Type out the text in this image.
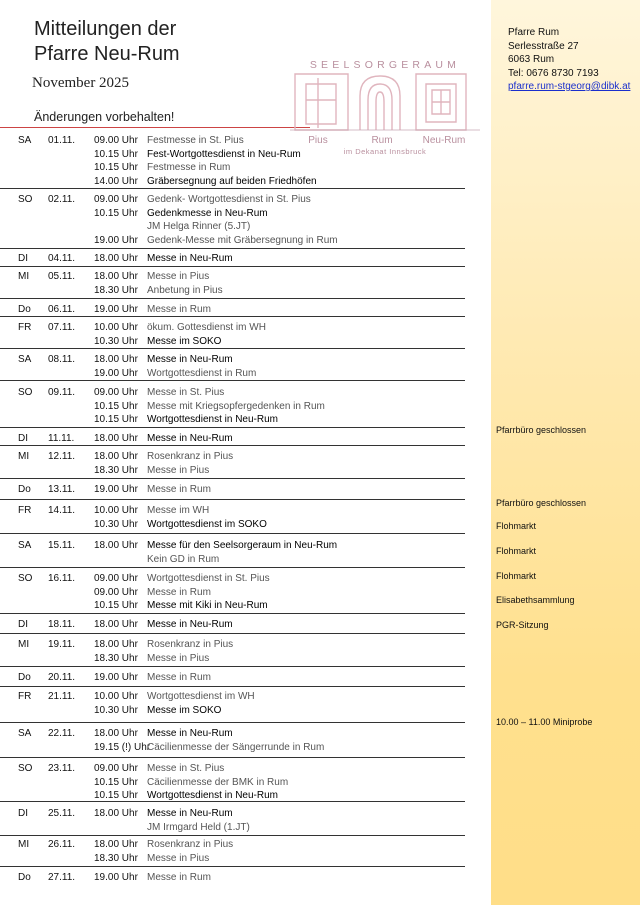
Mitteilungen der
Pfarre Neu-Rum
November 2025
Änderungen vorbehalten!
Pfarre Rum
Serlesstraße 27
6063 Rum
Tel: 0676 8730 7193
pfarre.rum-stgeorg@dibk.at
SEELSORGERAUM
Pius	Rum	Neu-Rum
im Dekanat Innsbruck
SA 01.11. 09.00 Uhr Festmesse in St. Pius
10.15 Uhr Fest-Wortgottesdienst in Neu-Rum
10.15 Uhr Festmesse in Rum
14.00 Uhr Gräbersegnung auf beiden Friedhöfen
SO 02.11. 09.00 Uhr Gedenk- Wortgottesdienst in St. Pius
10.15 Uhr Gedenkmesse in Neu-Rum
JM Helga Rinner (5.JT)
19.00 Uhr Gedenk-Messe mit Gräbersegnung in Rum
DI 04.11. 18.00 Uhr Messe in Neu-Rum
MI 05.11. 18.00 Uhr Messe in Pius
18.30 Uhr Anbetung in Pius
Do 06.11. 19.00 Uhr Messe in Rum
FR 07.11. 10.00 Uhr ökum. Gottesdienst im WH
10.30 Uhr Messe im SOKO
SA 08.11. 18.00 Uhr Messe in Neu-Rum
19.00 Uhr Wortgottesdienst in Rum
SO 09.11. 09.00 Uhr Messe in St. Pius
10.15 Uhr Messe mit Kriegsopfergedenken in Rum
10.15 Uhr Wortgottesdienst in Neu-Rum
DI 11.11. 18.00 Uhr Messe in Neu-Rum
MI 12.11. 18.00 Uhr Rosenkranz in Pius
18.30 Uhr Messe in Pius
Do 13.11. 19.00 Uhr Messe in Rum
FR 14.11. 10.00 Uhr Messe im WH
10.30 Uhr Wortgottesdienst im SOKO
SA 15.11. 18.00 Uhr Messe für den Seelsorgeraum in Neu-Rum
Kein GD in Rum
SO 16.11. 09.00 Uhr Wortgottesdienst in St. Pius
09.00 Uhr Messe in Rum
10.15 Uhr Messe mit Kiki in Neu-Rum
DI 18.11. 18.00 Uhr Messe in Neu-Rum
MI 19.11. 18.00 Uhr Rosenkranz in Pius
18.30 Uhr Messe in Pius
Do 20.11. 19.00 Uhr Messe in Rum
FR 21.11. 10.00 Uhr Wortgottesdienst im WH
10.30 Uhr Messe im SOKO
SA 22.11. 18.00 Uhr Messe in Neu-Rum
19.15 (!) Uhr
Cäcilienmesse der Sängerrunde in Rum
SO 23.11. 09.00 Uhr Messe in St. Pius
10.15 Uhr Cäcilienmesse der BMK in Rum
10.15 Uhr Wortgottesdienst in Neu-Rum
DI 25.11. 18.00 Uhr Messe in Neu-Rum
JM Irmgard Held (1.JT)
MI 26.11. 18.00 Uhr Rosenkranz in Pius
18.30 Uhr Messe in Pius
Do 27.11. 19.00 Uhr Messe in Rum
Pfarrbüro geschlossen
Pfarrbüro geschlossen
Flohmarkt
Flohmarkt
Flohmarkt
Elisabethsammlung
PGR-Sitzung
10.00 – 11.00 Miniprobe
